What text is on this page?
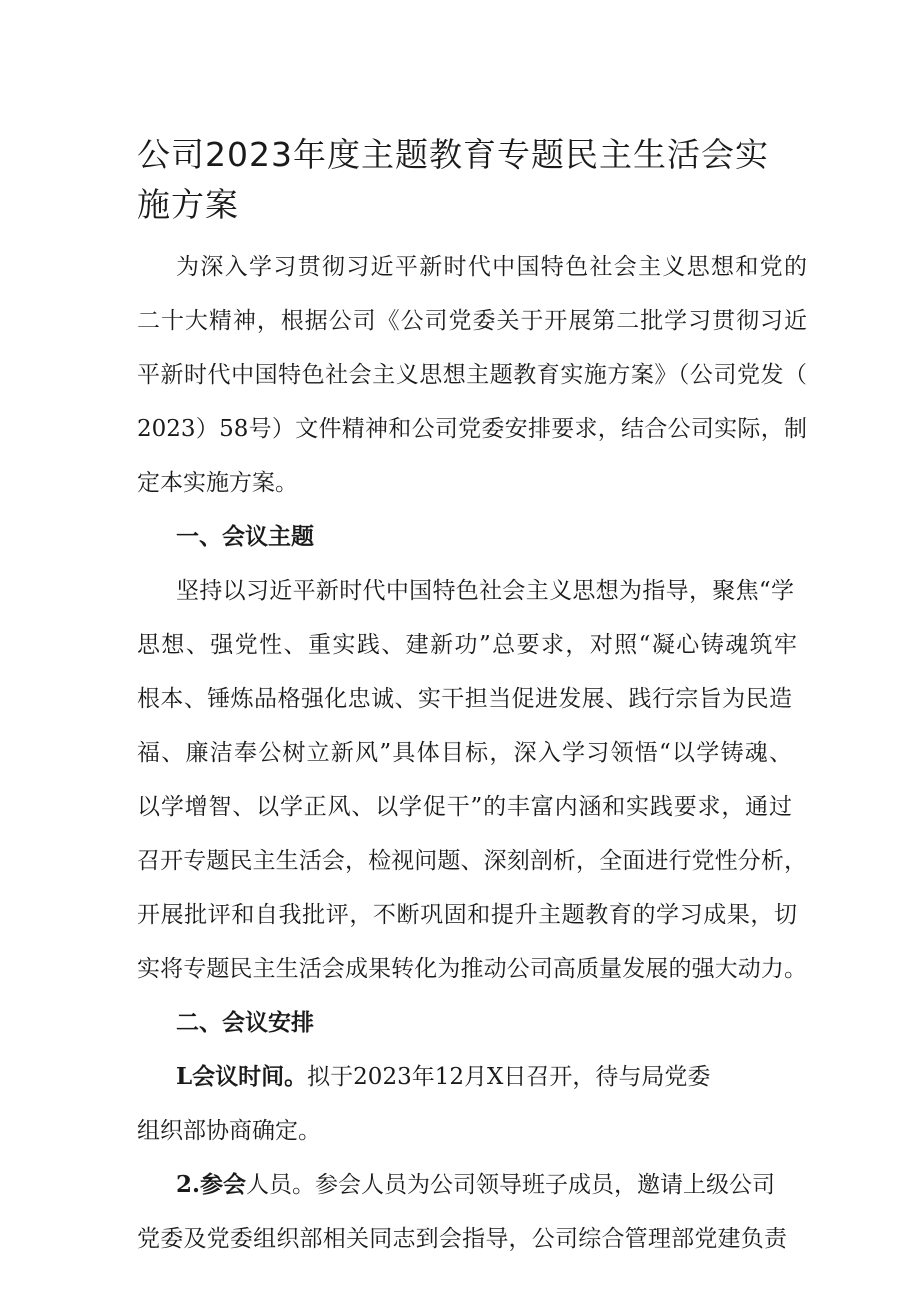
公司2023年度主题教育专题民主生活会实
施方案
为深入学习贯彻习近平新时代中国特色社会主义思想和党的
二十大精神，根据公司《公司党委关于开展第二批学习贯彻习近
平新时代中国特色社会主义思想主题教育实施方案》（公司党发（
2023）58号）文件精神和公司党委安排要求，结合公司实际，制
定本实施方案。
一、会议主题
坚持以习近平新时代中国特色社会主义思想为指导，聚焦“学
思想、强党性、重实践、建新功”总要求，对照“凝心铸魂筑牢
根本、锤炼品格强化忠诚、实干担当促进发展、践行宗旨为民造
福、廉洁奉公树立新风”具体目标，深入学习领悟“以学铸魂、
以学增智、以学正风、以学促干”的丰富内涵和实践要求，通过
召开专题民主生活会，检视问题、深刻剖析，全面进行党性分析，
开展批评和自我批评，不断巩固和提升主题教育的学习成果，切
实将专题民主生活会成果转化为推动公司高质量发展的强大动力。
二、会议安排
L会议时间。拟于2023年12月X日召开，待与局党委
组织部协商确定。
2.参会人员。参会人员为公司领导班子成员，邀请上级公司
党委及党委组织部相关同志到会指导，公司综合管理部党建负责
